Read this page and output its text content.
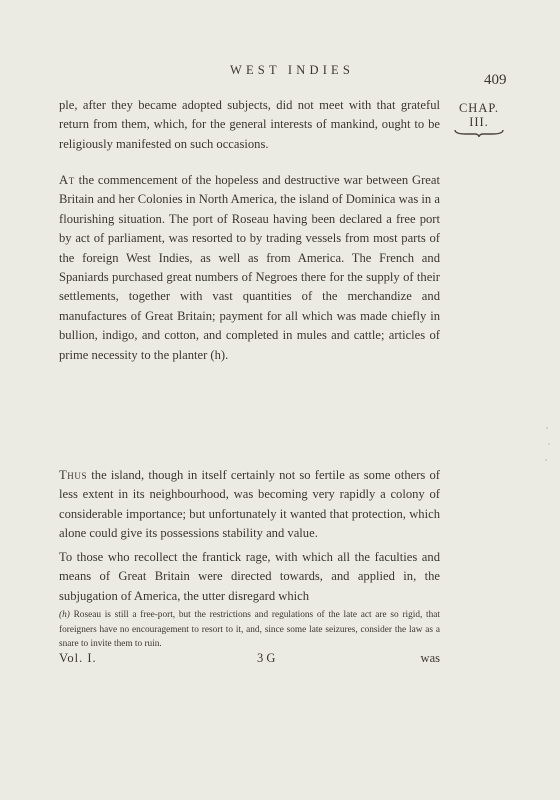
WEST INDIES
409
CHAP.
III.

ple, after they became adopted subjects, did not meet with that grateful return from them, which, for the general interests of mankind, ought to be religiously manifested on such occasions.

At the commencement of the hopeless and destructive war between Great Britain and her Colonies in North America, the island of Dominica was in a flourishing situation. The port of Roseau having been declared a free port by act of parliament, was resorted to by trading vessels from most parts of the foreign West Indies, as well as from America. The French and Spaniards purchased great numbers of Negroes there for the supply of their settlements, together with vast quantities of the merchandize and manufactures of Great Britain; payment for all which was made chiefly in bullion, indigo, and cotton, and completed in mules and cattle; articles of prime necessity to the planter (h).

Thus the island, though in itself certainly not so fertile as some others of less extent in its neighbourhood, was becoming very rapidly a colony of considerable importance; but unfortunately it wanted that protection, which alone could give its possessions stability and value.

To those who recollect the frantick rage, with which all the faculties and means of Great Britain were directed towards, and applied in, the subjugation of America, the utter disregard which

(h) Roseau is still a free-port, but the restrictions and regulations of the late act are so rigid, that foreigners have no encouragement to resort to it, and, since some late seizures, consider the law as a snare to invite them to ruin.

Vol. I.	3 G	was
